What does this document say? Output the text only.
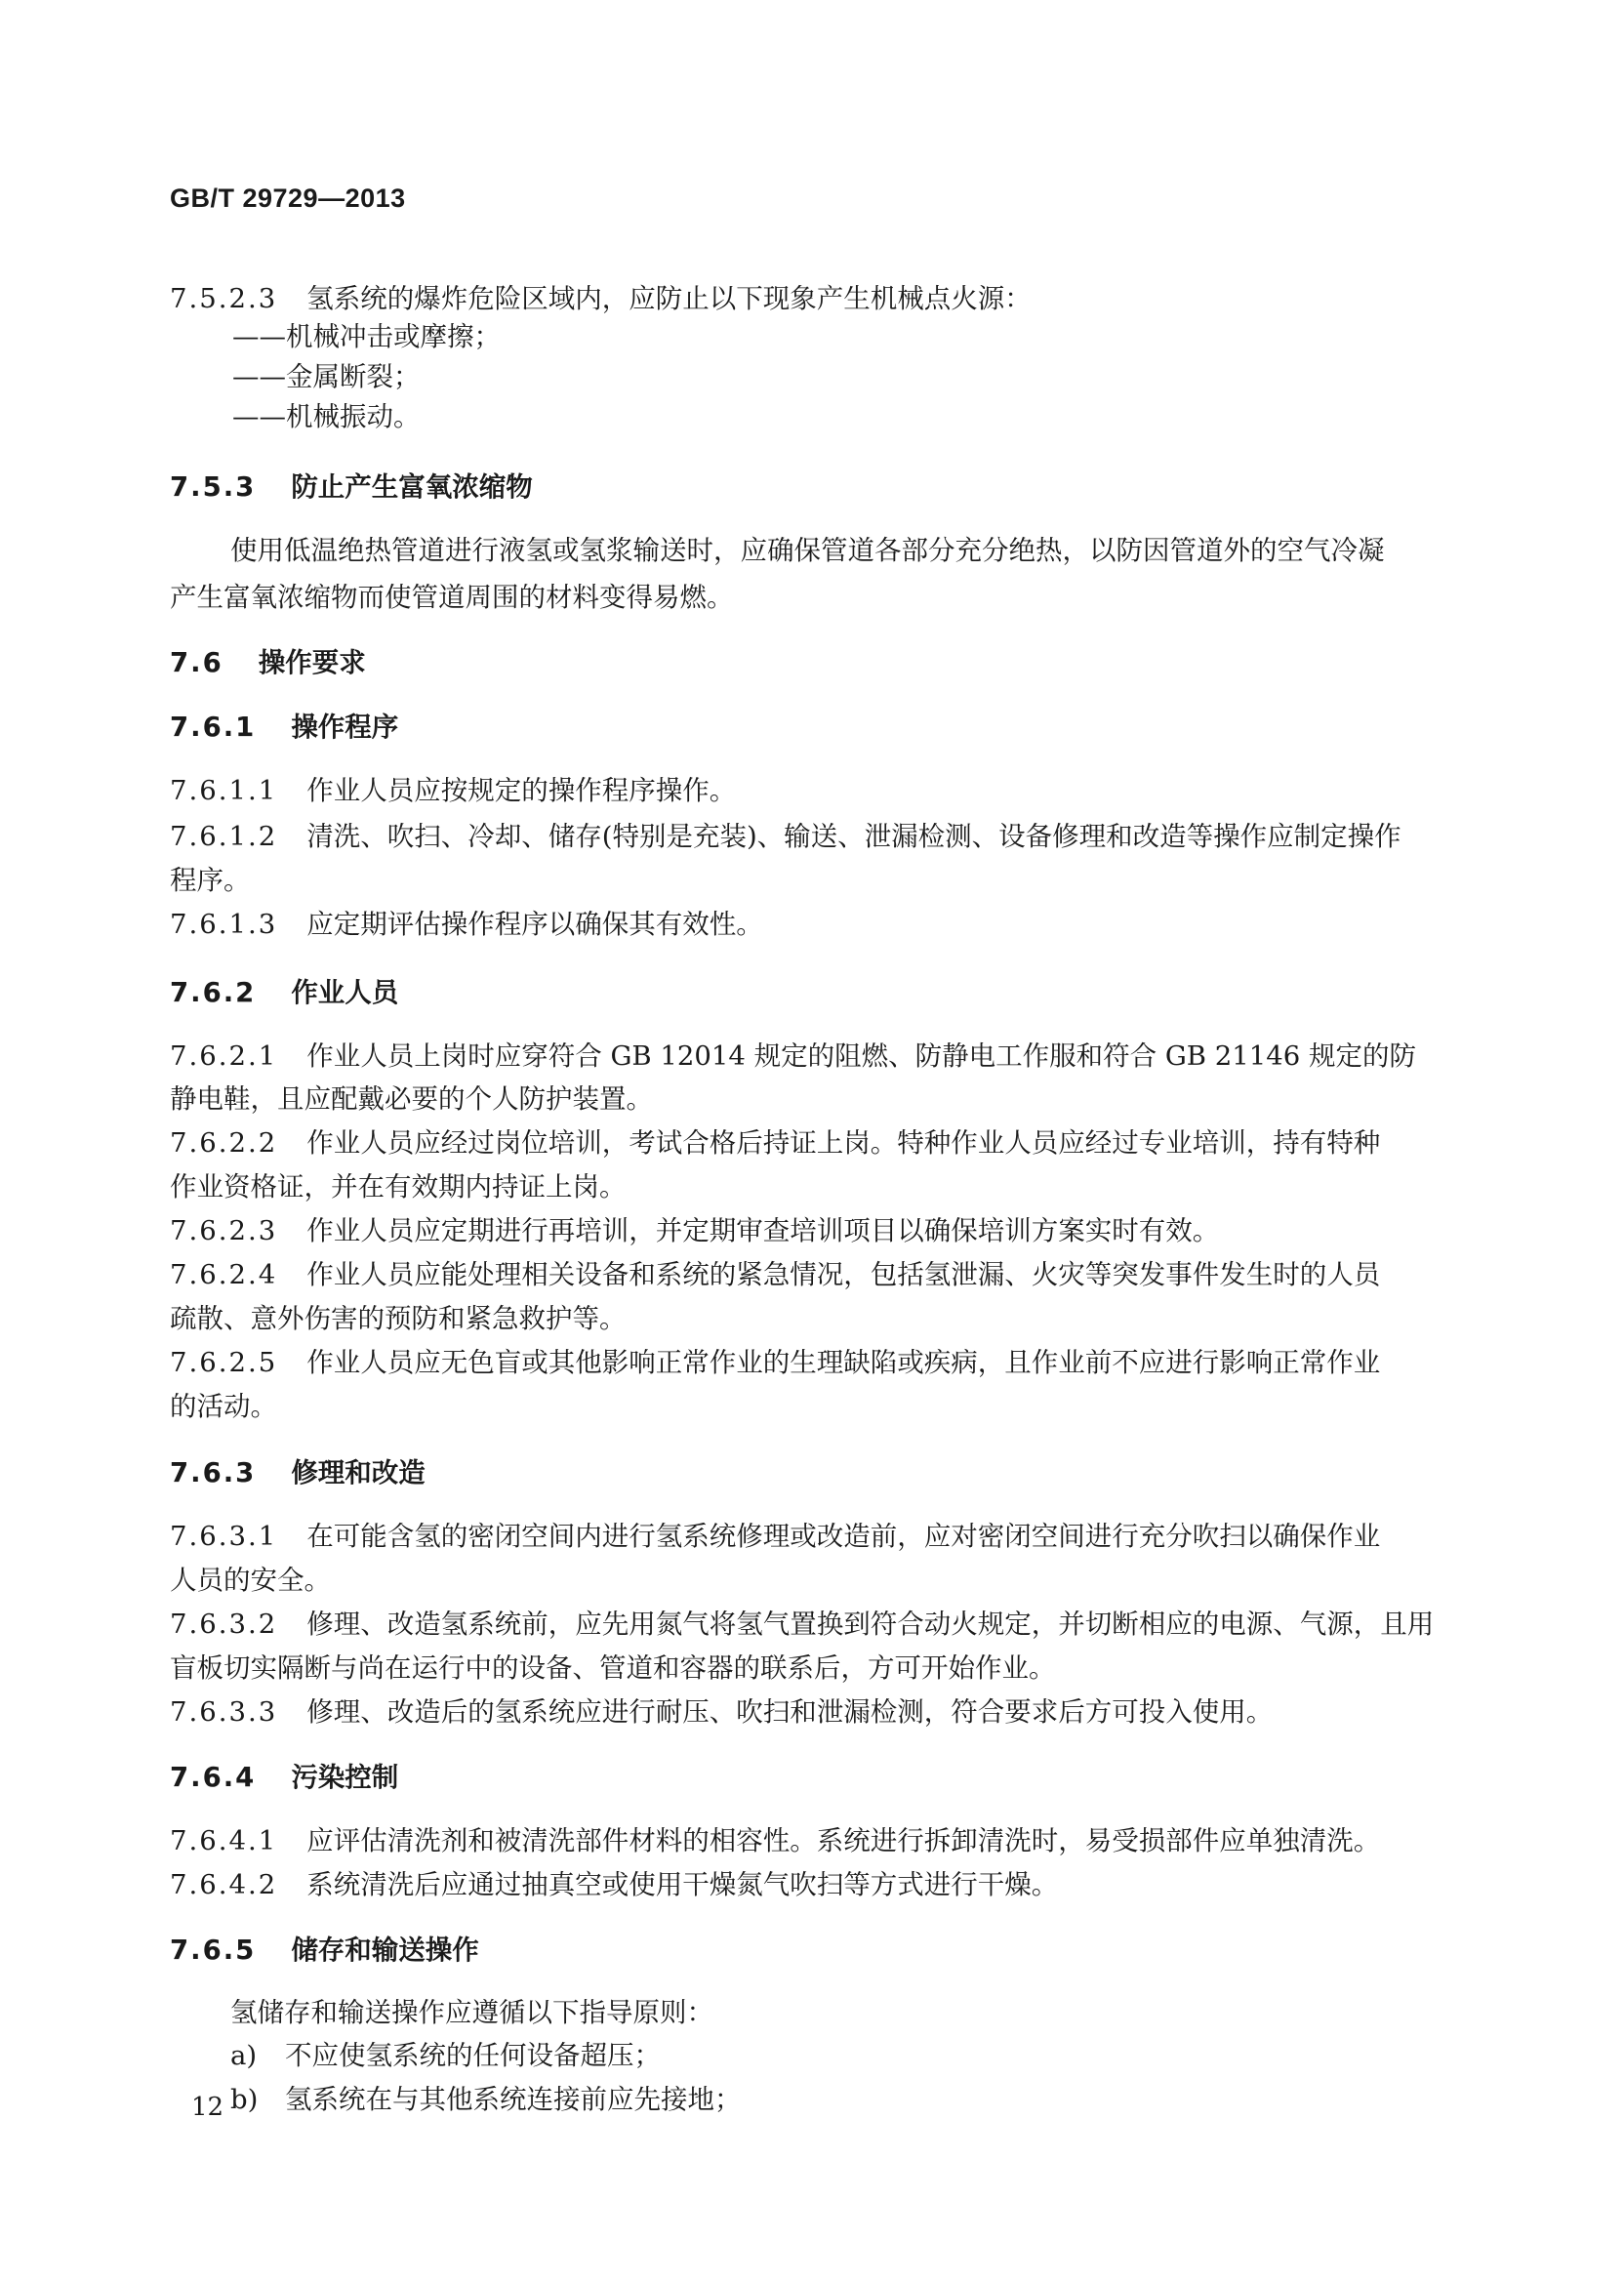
GB/T 29729—2013
7.5.2.3 氢系统的爆炸危险区域内，应防止以下现象产生机械点火源：
——机械冲击或摩擦；
——金属断裂；
——机械振动。
7.5.3 防止产生富氧浓缩物
使用低温绝热管道进行液氢或氢浆输送时，应确保管道各部分充分绝热，以防因管道外的空气冷凝
产生富氧浓缩物而使管道周围的材料变得易燃。
7.6 操作要求
7.6.1 操作程序
7.6.1.1 作业人员应按规定的操作程序操作。
7.6.1.2 清洗、吹扫、冷却、储存(特别是充装)、输送、泄漏检测、设备修理和改造等操作应制定操作
程序。
7.6.1.3 应定期评估操作程序以确保其有效性。
7.6.2 作业人员
7.6.2.1 作业人员上岗时应穿符合 GB 12014 规定的阻燃、防静电工作服和符合 GB 21146 规定的防
静电鞋，且应配戴必要的个人防护装置。
7.6.2.2 作业人员应经过岗位培训，考试合格后持证上岗。特种作业人员应经过专业培训，持有特种
作业资格证，并在有效期内持证上岗。
7.6.2.3 作业人员应定期进行再培训，并定期审查培训项目以确保培训方案实时有效。
7.6.2.4 作业人员应能处理相关设备和系统的紧急情况，包括氢泄漏、火灾等突发事件发生时的人员
疏散、意外伤害的预防和紧急救护等。
7.6.2.5 作业人员应无色盲或其他影响正常作业的生理缺陷或疾病，且作业前不应进行影响正常作业
的活动。
7.6.3 修理和改造
7.6.3.1 在可能含氢的密闭空间内进行氢系统修理或改造前，应对密闭空间进行充分吹扫以确保作业
人员的安全。
7.6.3.2 修理、改造氢系统前，应先用氮气将氢气置换到符合动火规定，并切断相应的电源、气源，且用
盲板切实隔断与尚在运行中的设备、管道和容器的联系后，方可开始作业。
7.6.3.3 修理、改造后的氢系统应进行耐压、吹扫和泄漏检测，符合要求后方可投入使用。
7.6.4 污染控制
7.6.4.1 应评估清洗剂和被清洗部件材料的相容性。系统进行拆卸清洗时，易受损部件应单独清洗。
7.6.4.2 系统清洗后应通过抽真空或使用干燥氮气吹扫等方式进行干燥。
7.6.5 储存和输送操作
氢储存和输送操作应遵循以下指导原则：
a) 不应使氢系统的任何设备超压；
b) 氢系统在与其他系统连接前应先接地；
12
